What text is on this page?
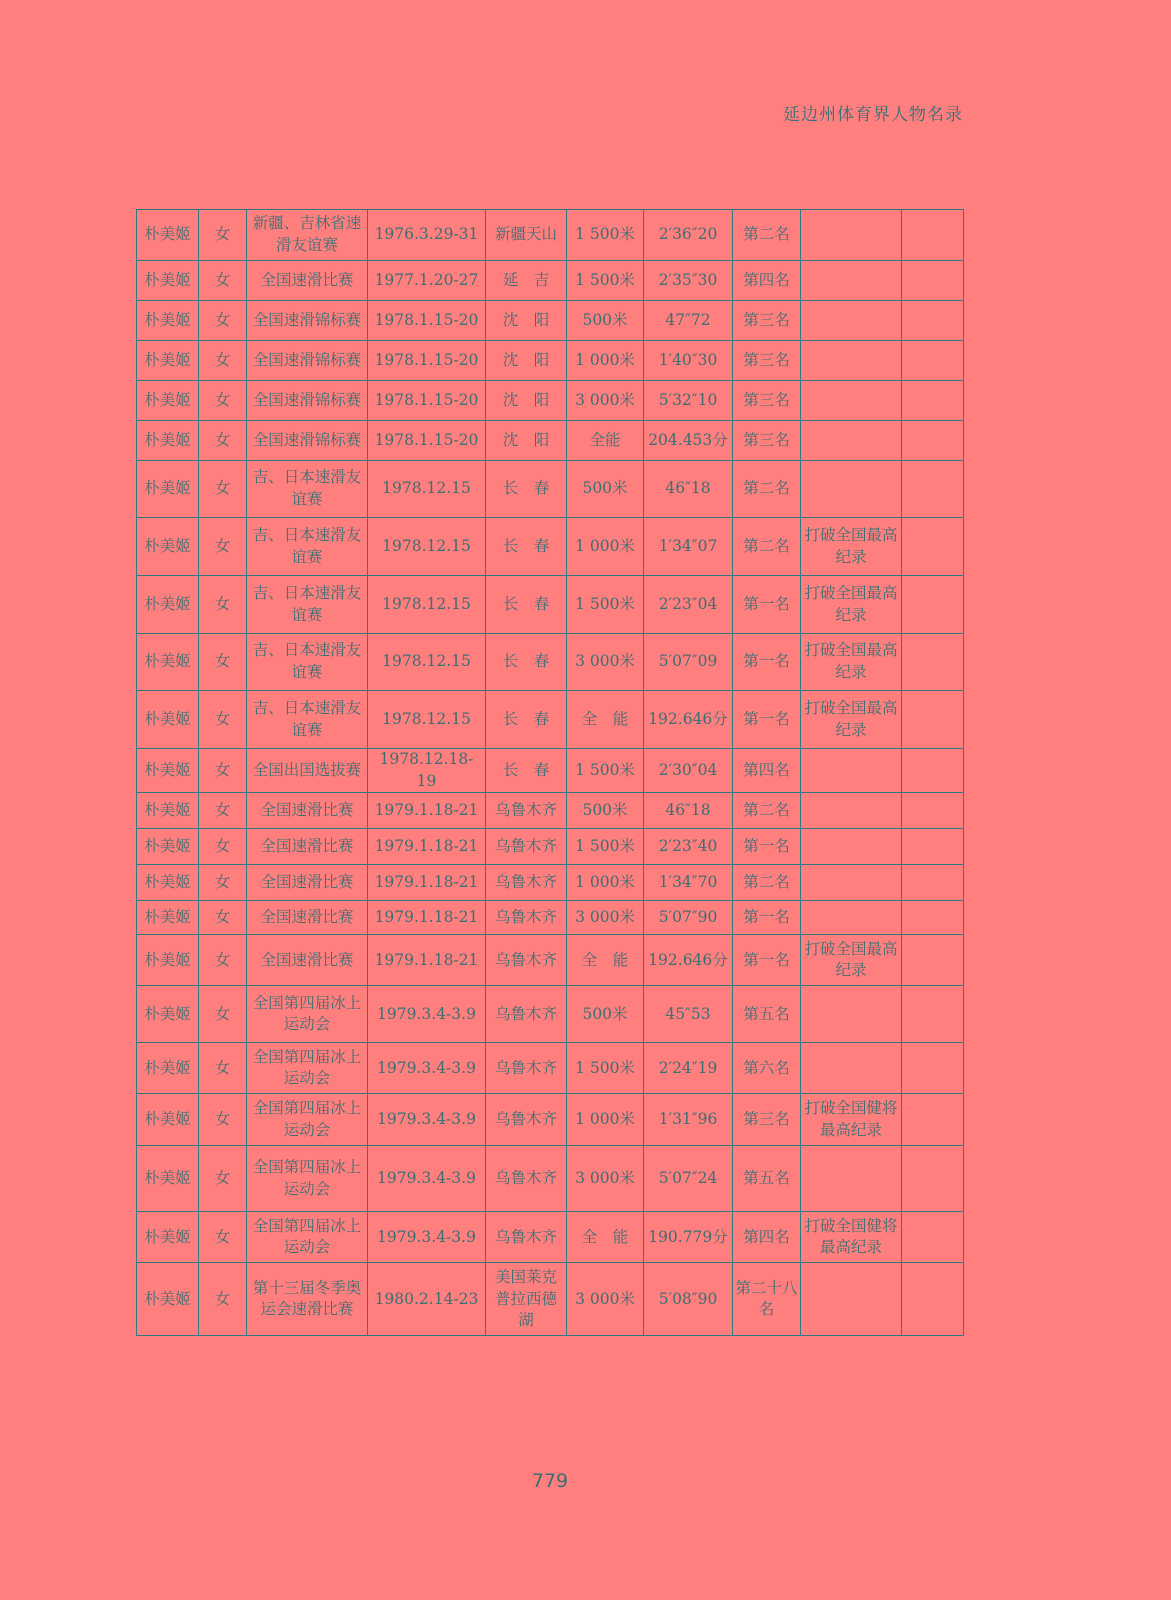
延边州体育界人物名录
朴美姬	女	新疆、吉林省速滑友谊赛	1976.3.29-31	新疆天山	1 500米	2′36″20	第二名		
朴美姬	女	全国速滑比赛	1977.1.20-27	延　吉	1 500米	2′35″30	第四名		
朴美姬	女	全国速滑锦标赛	1978.1.15-20	沈　阳	500米	47″72	第三名		
朴美姬	女	全国速滑锦标赛	1978.1.15-20	沈　阳	1 000米	1′40″30	第三名		
朴美姬	女	全国速滑锦标赛	1978.1.15-20	沈　阳	3 000米	5′32″10	第三名		
朴美姬	女	全国速滑锦标赛	1978.1.15-20	沈　阳	全能	204.453分	第三名		
朴美姬	女	吉、日本速滑友谊赛	1978.12.15	长　春	500米	46″18	第二名		
朴美姬	女	吉、日本速滑友谊赛	1978.12.15	长　春	1 000米	1′34″07	第二名	打破全国最高纪录	
朴美姬	女	吉、日本速滑友谊赛	1978.12.15	长　春	1 500米	2′23″04	第一名	打破全国最高纪录	
朴美姬	女	吉、日本速滑友谊赛	1978.12.15	长　春	3 000米	5′07″09	第一名	打破全国最高纪录	
朴美姬	女	吉、日本速滑友谊赛	1978.12.15	长　春	全　能	192.646分	第一名	打破全国最高纪录	
朴美姬	女	全国出国选拔赛	1978.12.18-19	长　春	1 500米	2′30″04	第四名		
朴美姬	女	全国速滑比赛	1979.1.18-21	乌鲁木齐	500米	46″18	第二名		
朴美姬	女	全国速滑比赛	1979.1.18-21	乌鲁木齐	1 500米	2′23″40	第一名		
朴美姬	女	全国速滑比赛	1979.1.18-21	乌鲁木齐	1 000米	1′34″70	第二名		
朴美姬	女	全国速滑比赛	1979.1.18-21	乌鲁木齐	3 000米	5′07″90	第一名		
朴美姬	女	全国速滑比赛	1979.1.18-21	乌鲁木齐	全　能	192.646分	第一名	打破全国最高纪录	
朴美姬	女	全国第四届冰上运动会	1979.3.4-3.9	乌鲁木齐	500米	45″53	第五名		
朴美姬	女	全国第四届冰上运动会	1979.3.4-3.9	乌鲁木齐	1 500米	2′24″19	第六名		
朴美姬	女	全国第四届冰上运动会	1979.3.4-3.9	乌鲁木齐	1 000米	1′31″96	第三名	打破全国健将最高纪录	
朴美姬	女	全国第四届冰上运动会	1979.3.4-3.9	乌鲁木齐	3 000米	5′07″24	第五名		
朴美姬	女	全国第四届冰上运动会	1979.3.4-3.9	乌鲁木齐	全　能	190.779分	第四名	打破全国健将最高纪录	
朴美姬	女	第十三届冬季奥运会速滑比赛	1980.2.14-23	美国莱克普拉西德湖	3 000米	5′08″90	第二十八名		
779
